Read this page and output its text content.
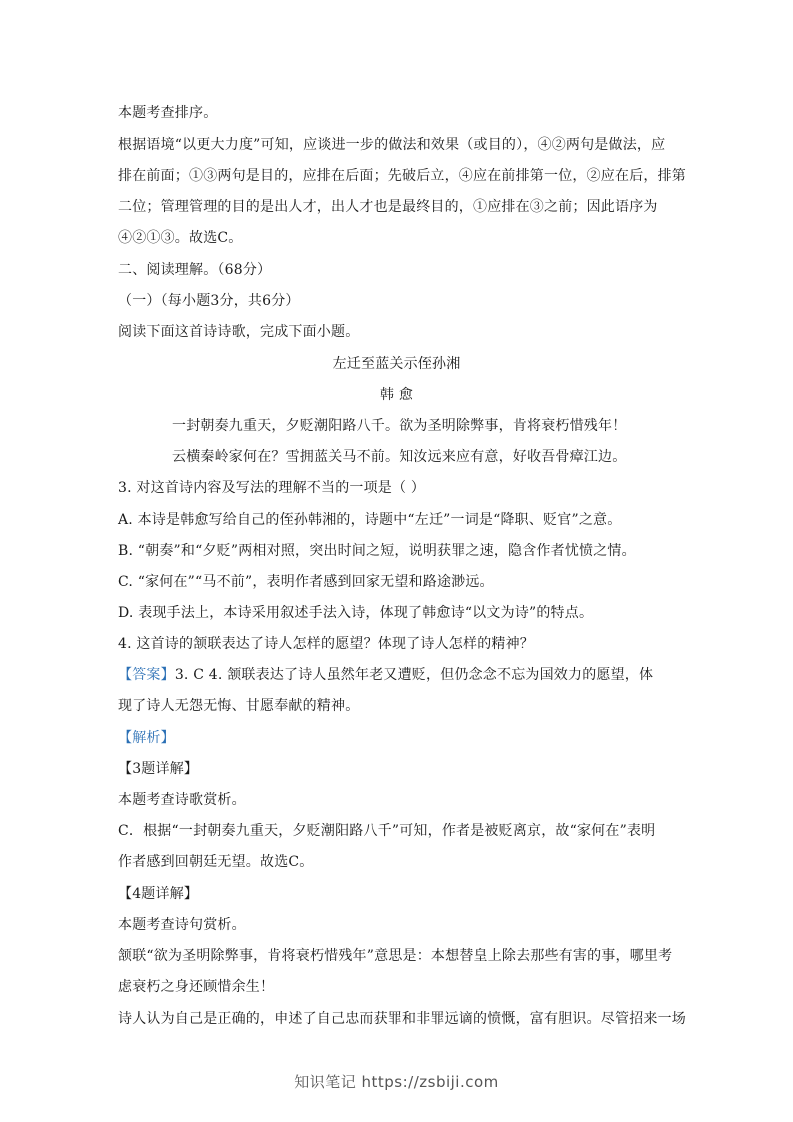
本题考查排序。
根据语境“以更大力度”可知，应谈进一步的做法和效果（或目的），④②两句是做法，应
排在前面；①③两句是目的，应排在后面；先破后立，④应在前排第一位，②应在后，排第
二位；管理管理的目的是出人才，出人才也是最终目的，①应排在③之前；因此语序为
④②①③。故选C。
二、阅读理解。（68分）
（一）（每小题3分，共6分）
阅读下面这首诗诗歌，完成下面小题。
左迁至蓝关示侄孙湘
韩 愈
一封朝奏九重天，夕贬潮阳路八千。欲为圣明除弊事，肯将衰朽惜残年！
云横秦岭家何在？雪拥蓝关马不前。知汝远来应有意，好收吾骨瘴江边。
3. 对这首诗内容及写法的理解不当的一项是（ ）
A. 本诗是韩愈写给自己的侄孙韩湘的，诗题中“左迁”一词是“降职、贬官”之意。
B. “朝奏”和“夕贬”两相对照，突出时间之短，说明获罪之速，隐含作者忧愤之情。
C. “家何在”“马不前”，表明作者感到回家无望和路途渺远。
D. 表现手法上，本诗采用叙述手法入诗，体现了韩愈诗“以文为诗”的特点。
4. 这首诗的颔联表达了诗人怎样的愿望？体现了诗人怎样的精神？
【答案】3. C 4. 颔联表达了诗人虽然年老又遭贬，但仍念念不忘为国效力的愿望，体
现了诗人无怨无悔、甘愿奉献的精神。
【解析】
【3题详解】
本题考查诗歌赏析。
C．根据“一封朝奏九重天，夕贬潮阳路八千”可知，作者是被贬离京，故“家何在”表明
作者感到回朝廷无望。故选C。
【4题详解】
本题考查诗句赏析。
颔联“欲为圣明除弊事，肯将衰朽惜残年”意思是：本想替皇上除去那些有害的事，哪里考
虑衰朽之身还顾惜余生！
诗人认为自己是正确的，申述了自己忠而获罪和非罪远谪的愤慨，富有胆识。尽管招来一场
知识笔记 https://zsbiji.com
